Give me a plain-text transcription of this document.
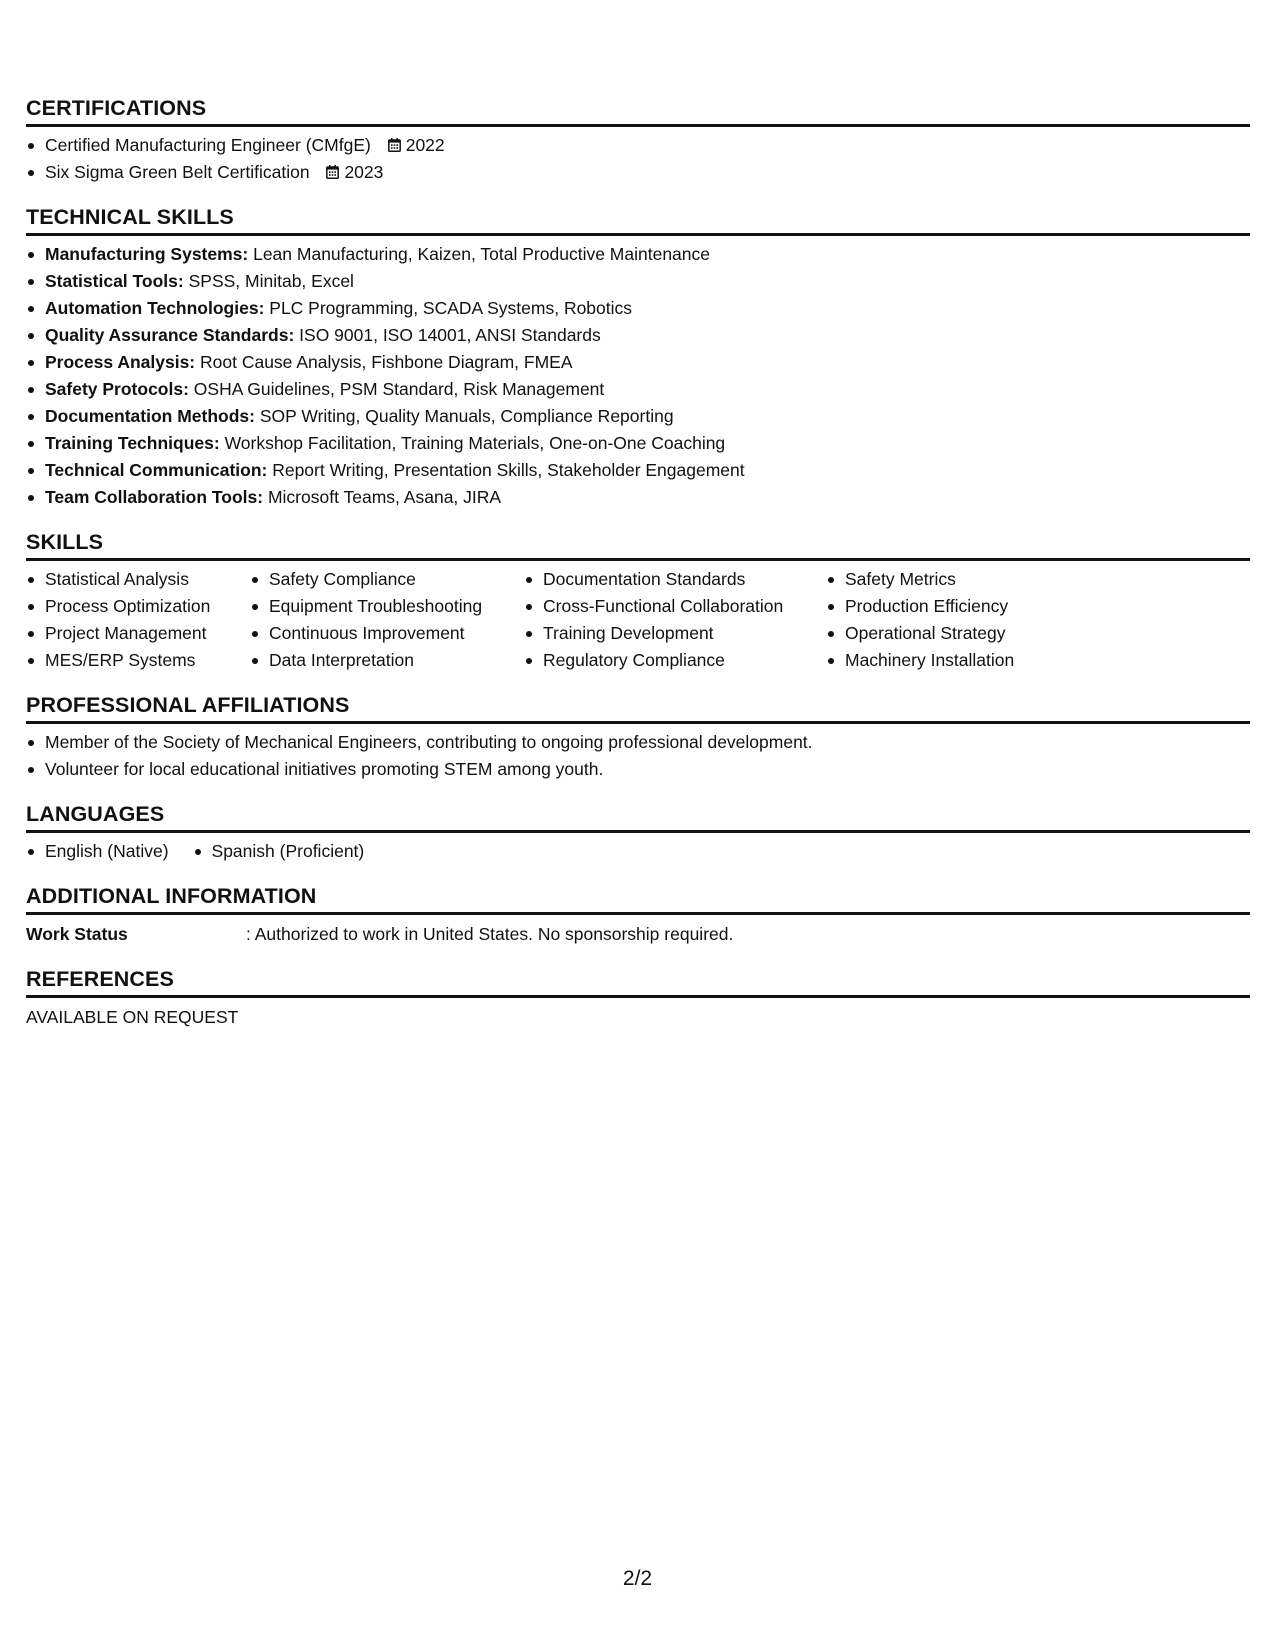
CERTIFICATIONS
Certified Manufacturing Engineer (CMfgE) 2022
Six Sigma Green Belt Certification 2023
TECHNICAL SKILLS
Manufacturing Systems: Lean Manufacturing, Kaizen, Total Productive Maintenance
Statistical Tools: SPSS, Minitab, Excel
Automation Technologies: PLC Programming, SCADA Systems, Robotics
Quality Assurance Standards: ISO 9001, ISO 14001, ANSI Standards
Process Analysis: Root Cause Analysis, Fishbone Diagram, FMEA
Safety Protocols: OSHA Guidelines, PSM Standard, Risk Management
Documentation Methods: SOP Writing, Quality Manuals, Compliance Reporting
Training Techniques: Workshop Facilitation, Training Materials, One-on-One Coaching
Technical Communication: Report Writing, Presentation Skills, Stakeholder Engagement
Team Collaboration Tools: Microsoft Teams, Asana, JIRA
SKILLS
Statistical Analysis
Process Optimization
Project Management
MES/ERP Systems
Safety Compliance
Equipment Troubleshooting
Continuous Improvement
Data Interpretation
Documentation Standards
Cross-Functional Collaboration
Training Development
Regulatory Compliance
Safety Metrics
Production Efficiency
Operational Strategy
Machinery Installation
PROFESSIONAL AFFILIATIONS
Member of the Society of Mechanical Engineers, contributing to ongoing professional development.
Volunteer for local educational initiatives promoting STEM among youth.
LANGUAGES
English (Native)	Spanish (Proficient)
ADDITIONAL INFORMATION
Work Status	: Authorized to work in United States. No sponsorship required.
REFERENCES
AVAILABLE ON REQUEST
2/2
